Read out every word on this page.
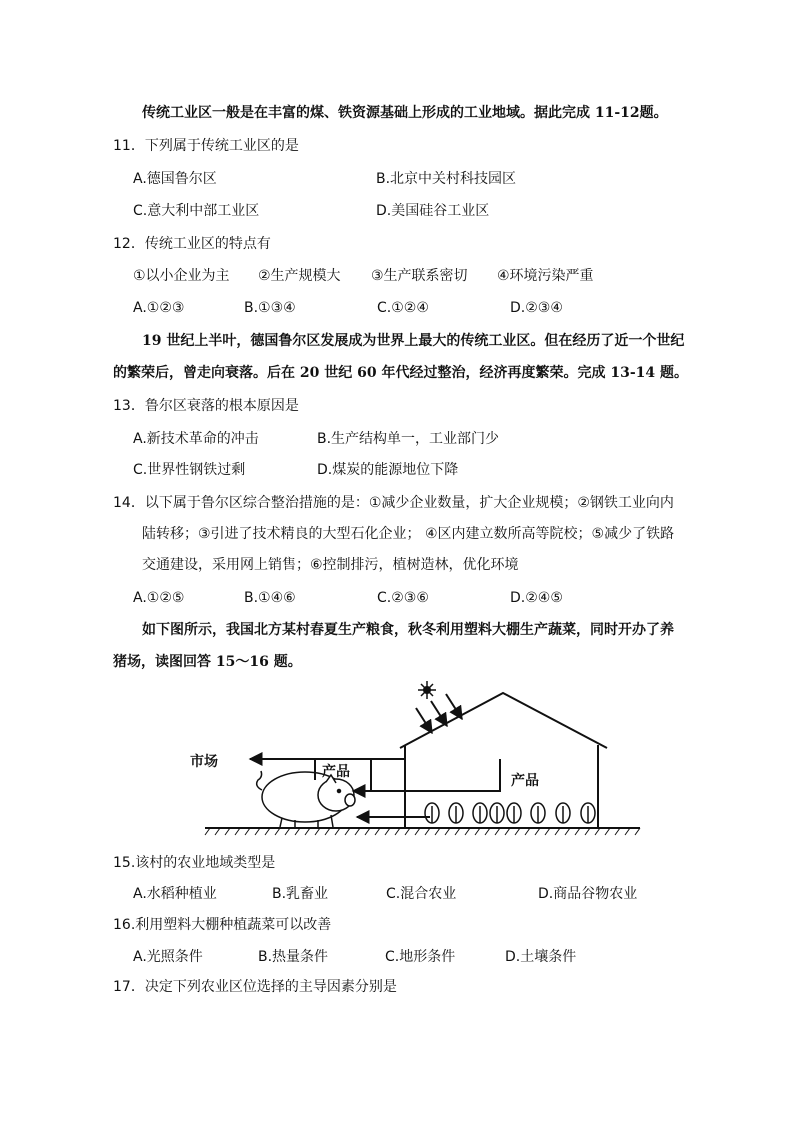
传统工业区一般是在丰富的煤、铁资源基础上形成的工业地域。据此完成 11-12题。
11．下列属于传统工业区的是
A.德国鲁尔区	B.北京中关村科技园区
C.意大利中部工业区	D.美国硅谷工业区
12．传统工业区的特点有
①以小企业为主 ②生产规模大 ③生产联系密切 ④环境污染严重
A.①②③	B.①③④	C.①②④	D.②③④
19 世纪上半叶，德国鲁尔区发展成为世界上最大的传统工业区。但在经历了近一个世纪
的繁荣后，曾走向衰落。后在 20 世纪 60 年代经过整治，经济再度繁荣。完成 13-14 题。
13．鲁尔区衰落的根本原因是
A.新技术革命的冲击	B.生产结构单一，工业部门少
C.世界性钢铁过剩	D.煤炭的能源地位下降
14．以下属于鲁尔区综合整治措施的是：①减少企业数量，扩大企业规模；②钢铁工业向内
陆转移；③引进了技术精良的大型石化企业； ④区内建立数所高等院校；⑤减少了铁路
交通建设，采用网上销售；⑥控制排污，植树造林，优化环境
A.①②⑤	B.①④⑥	C.②③⑥	D.②④⑤
如下图所示，我国北方某村春夏生产粮食，秋冬利用塑料大棚生产蔬菜，同时开办了养
猪场，读图回答 15～16 题。
市场
产品
产品
15.该村的农业地域类型是
A.水稻种植业	B.乳畜业	C.混合农业	D.商品谷物农业
16.利用塑料大棚种植蔬菜可以改善
A.光照条件	B.热量条件	C.地形条件	D.土壤条件
17．决定下列农业区位选择的主导因素分别是
